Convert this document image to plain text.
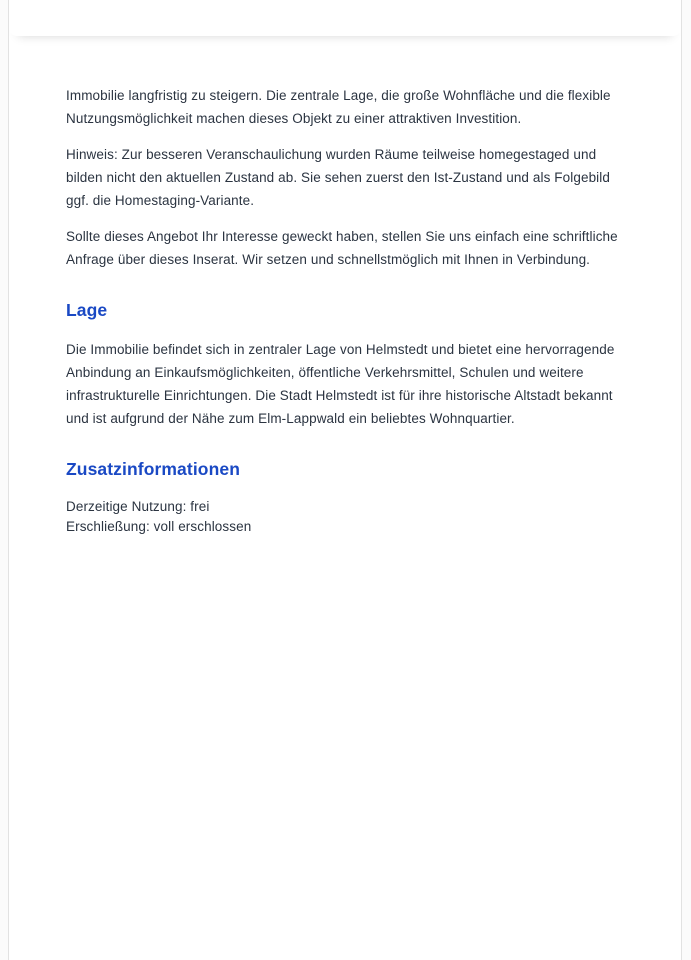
Immobilie langfristig zu steigern. Die zentrale Lage, die große Wohnfläche und die flexible Nutzungsmöglichkeit machen dieses Objekt zu einer attraktiven Investition.

Hinweis: Zur besseren Veranschaulichung wurden Räume teilweise homegestaged und bilden nicht den aktuellen Zustand ab. Sie sehen zuerst den Ist-Zustand und als Folgebild ggf. die Homestaging-Variante.

Sollte dieses Angebot Ihr Interesse geweckt haben, stellen Sie uns einfach eine schriftliche Anfrage über dieses Inserat. Wir setzen und schnellstmöglich mit Ihnen in Verbindung.

Lage

Die Immobilie befindet sich in zentraler Lage von Helmstedt und bietet eine hervorragende Anbindung an Einkaufsmöglichkeiten, öffentliche Verkehrsmittel, Schulen und weitere infrastrukturelle Einrichtungen. Die Stadt Helmstedt ist für ihre historische Altstadt bekannt und ist aufgrund der Nähe zum Elm-Lappwald ein beliebtes Wohnquartier.

Zusatzinformationen

Derzeitige Nutzung: frei

Erschließung: voll erschlossen
